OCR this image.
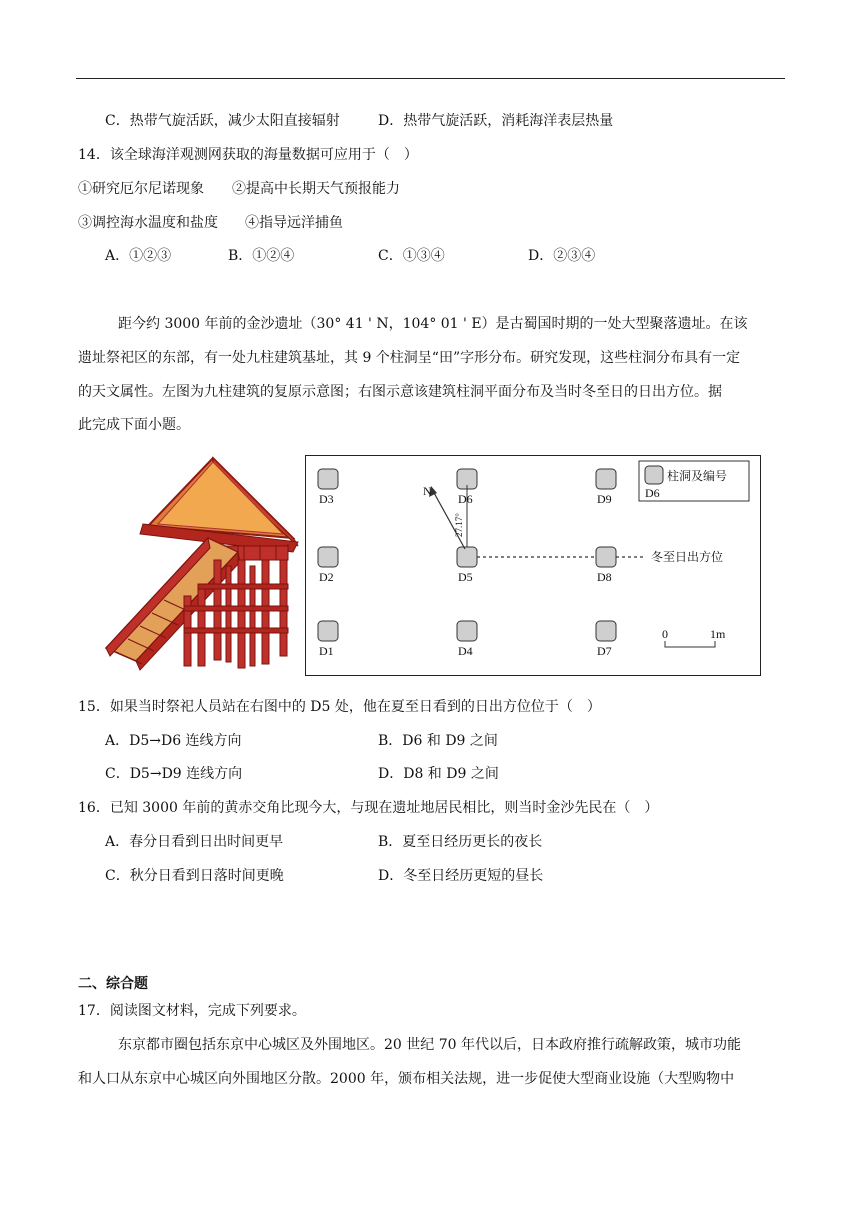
C．热带气旋活跃，减少太阳直接辐射	D．热带气旋活跃，消耗海洋表层热量
14．该全球海洋观测网获取的海量数据可应用于（　）
①研究厄尔尼诺现象 ②提高中长期天气预报能力
③调控海水温度和盐度 ④指导远洋捕鱼
A．①②③	B．①②④	C．①③④	D．②③④
距今约 3000 年前的金沙遗址（30° 41 ' N，104° 01 ' E）是古蜀国时期的一处大型聚落遗址。在该
遗址祭祀区的东部，有一处九柱建筑基址，其 9 个柱洞呈“田”字形分布。研究发现，这些柱洞分布具有一定
的天文属性。左图为九柱建筑的复原示意图；右图示意该建筑柱洞平面分布及当时冬至日的日出方位。据
此完成下面小题。
D3	D6	D9
D2	D5	D8
D1	D4	D7
N
27.17°
冬至日出方位
柱洞及编号
D6
0	1m
15．如果当时祭祀人员站在右图中的 D5 处，他在夏至日看到的日出方位位于（　）
A．D5→D6 连线方向	B．D6 和 D9 之间
C．D5→D9 连线方向	D．D8 和 D9 之间
16．已知 3000 年前的黄赤交角比现今大，与现在遗址地居民相比，则当时金沙先民在（　）
A．春分日看到日出时间更早	B．夏至日经历更长的夜长
C．秋分日看到日落时间更晚	D．冬至日经历更短的昼长
二、综合题
17．阅读图文材料，完成下列要求。
东京都市圈包括东京中心城区及外围地区。20 世纪 70 年代以后，日本政府推行疏解政策，城市功能
和人口从东京中心城区向外围地区分散。2000 年，颁布相关法规，进一步促使大型商业设施（大型购物中
